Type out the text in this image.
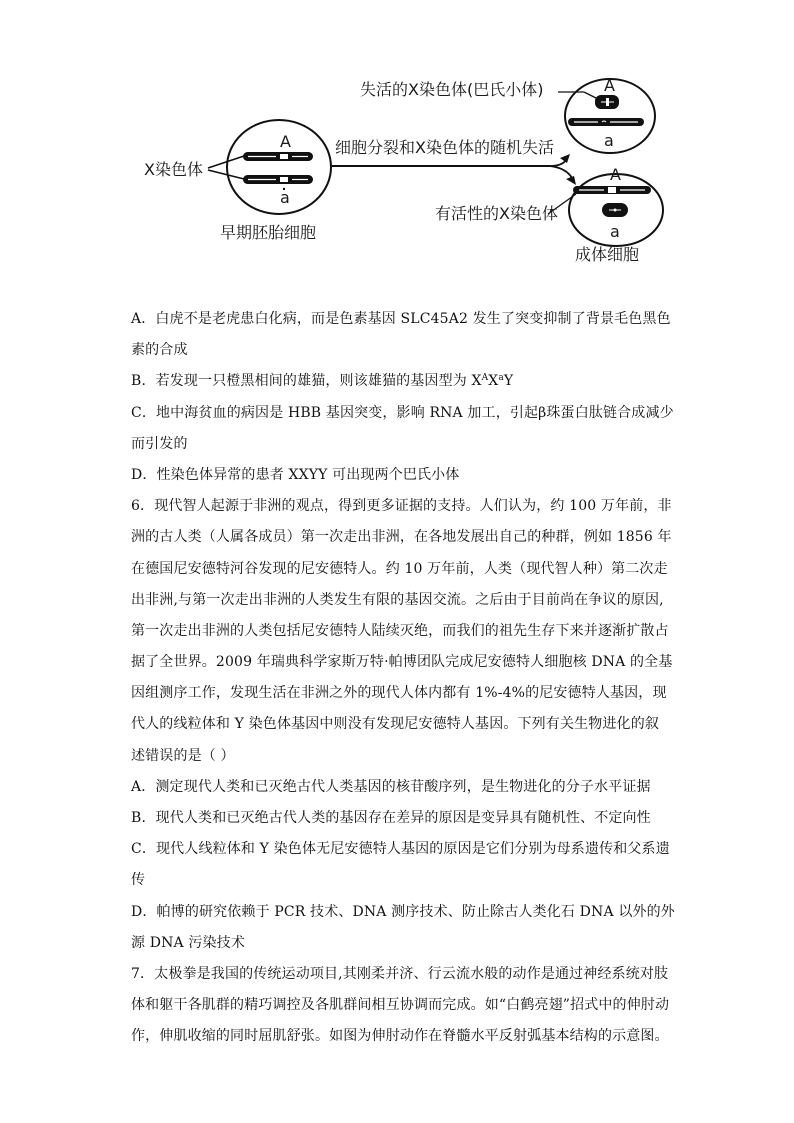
失活的X染色体(巴氏小体)
A
a
X染色体
细胞分裂和X染色体的随机失活
早期胚胎细胞
A
a
A
a
有活性的X染色体
成体细胞
A．白虎不是老虎患白化病，而是色素基因 SLC45A2 发生了突变抑制了背景毛色黑色
素的合成
B．若发现一只橙黑相间的雄猫，则该雄猫的基因型为 $X^AX^aY$
C．地中海贫血的病因是 HBB 基因突变，影响 RNA 加工，引起β珠蛋白肽链合成减少
而引发的
D．性染色体异常的患者 XXYY 可出现两个巴氏小体
6．现代智人起源于非洲的观点，得到更多证据的支持。人们认为，约 100 万年前，非
洲的古人类（人属各成员）第一次走出非洲，在各地发展出自己的种群，例如 1856 年
在德国尼安德特河谷发现的尼安德特人。约 10 万年前，人类（现代智人种）第二次走
出非洲,与第一次走出非洲的人类发生有限的基因交流。之后由于目前尚在争议的原因,
第一次走出非洲的人类包括尼安德特人陆续灭绝，而我们的祖先生存下来并逐渐扩散占
据了全世界。2009 年瑞典科学家斯万特·帕博团队完成尼安德特人细胞核 DNA 的全基
因组测序工作，发现生活在非洲之外的现代人体内都有 1%-4%的尼安德特人基因，现
代人的线粒体和 Y 染色体基因中则没有发现尼安德特人基因。下列有关生物进化的叙
述错误的是（ ）
A．测定现代人类和已灭绝古代人类基因的核苷酸序列，是生物进化的分子水平证据
B．现代人类和已灭绝古代人类的基因存在差异的原因是变异具有随机性、不定向性
C．现代人线粒体和 Y 染色体无尼安德特人基因的原因是它们分别为母系遗传和父系遗
传
D．帕博的研究依赖于 PCR 技术、DNA 测序技术、防止除古人类化石 DNA 以外的外
源 DNA 污染技术
7．太极拳是我国的传统运动项目,其刚柔并济、行云流水般的动作是通过神经系统对肢
体和躯干各肌群的精巧调控及各肌群间相互协调而完成。如“白鹤亮翅”招式中的伸肘动
作，伸肌收缩的同时屈肌舒张。如图为伸肘动作在脊髓水平反射弧基本结构的示意图。
